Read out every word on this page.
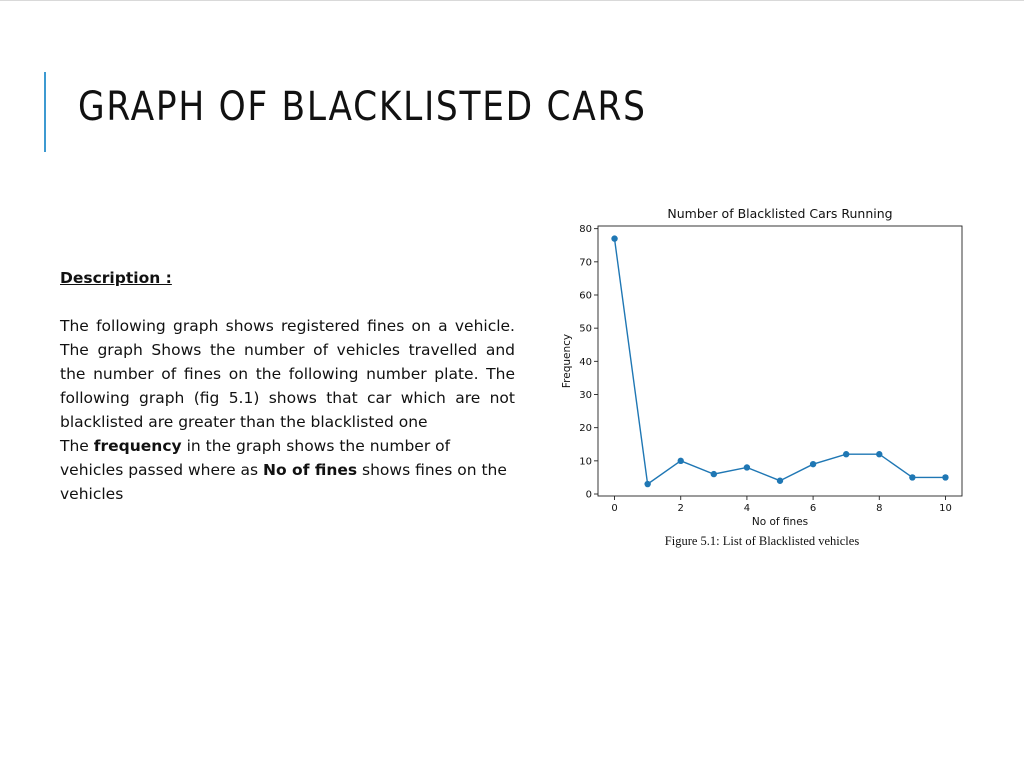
GRAPH OF BLACKLISTED CARS
Description :

The following graph shows registered fines on a vehicle. The graph Shows the number of vehicles travelled and the number of fines on the following number plate. The following graph (fig 5.1) shows that car which are not blacklisted are greater than the blacklisted one

The frequency in the graph shows the number of vehicles passed where as No of fines shows fines on the vehicles

Number of Blacklisted Cars Running
0
10
20
30
40
50
60
70
80
0	2	4	6	8	10
No of fines
Frequency
Figure 5.1: List of Blacklisted vehicles
